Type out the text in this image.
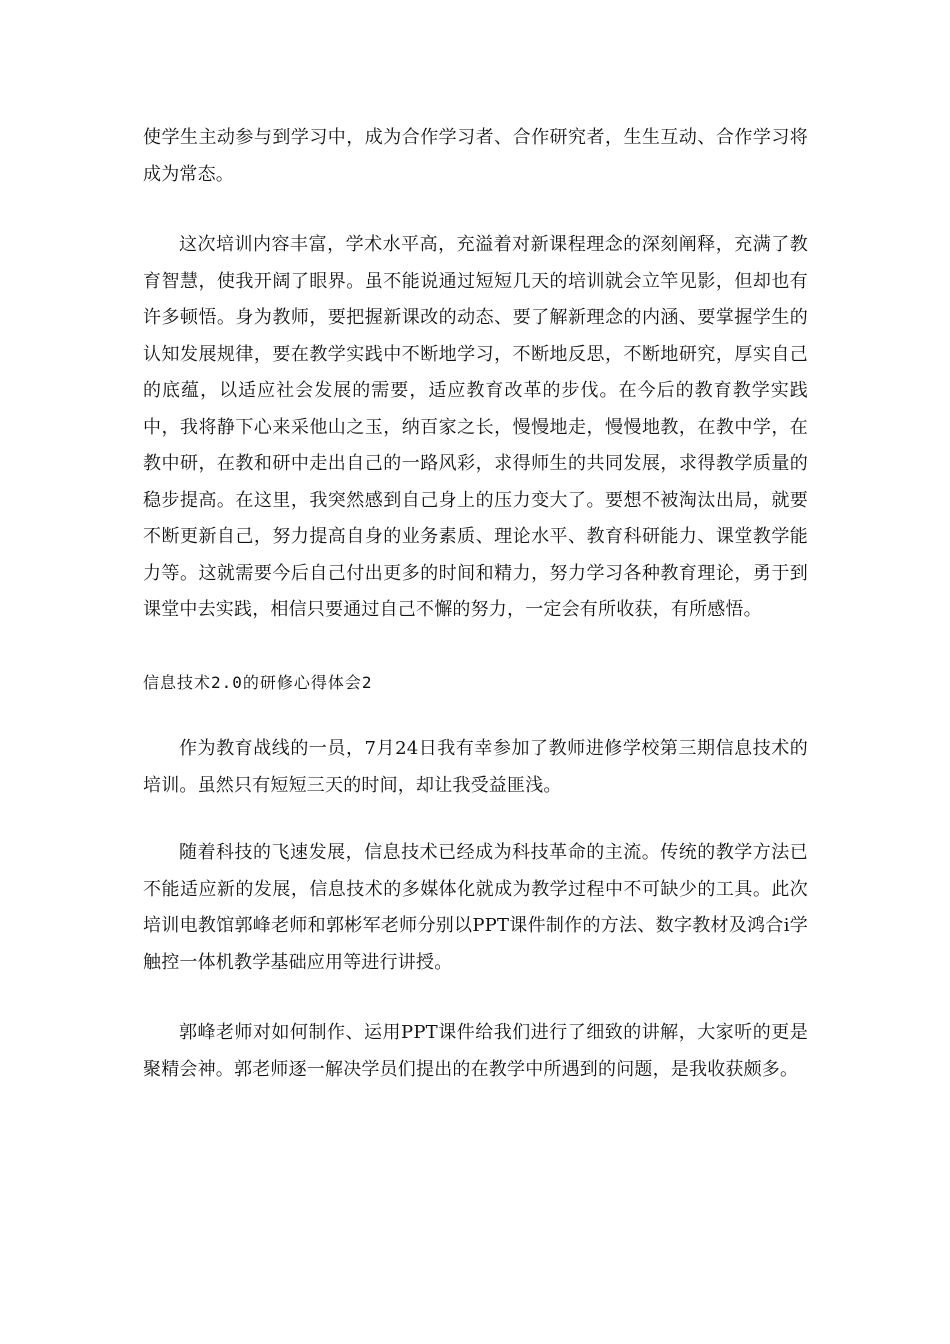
使学生主动参与到学习中，成为合作学习者、合作研究者，生生互动、合作学习将成为常态。

这次培训内容丰富，学术水平高，充溢着对新课程理念的深刻阐释，充满了教育智慧，使我开阔了眼界。虽不能说通过短短几天的培训就会立竿见影，但却也有许多顿悟。身为教师，要把握新课改的动态、要了解新理念的内涵、要掌握学生的认知发展规律，要在教学实践中不断地学习，不断地反思，不断地研究，厚实自己的底蕴，以适应社会发展的需要，适应教育改革的步伐。在今后的教育教学实践中，我将静下心来采他山之玉，纳百家之长，慢慢地走，慢慢地教，在教中学，在教中研，在教和研中走出自己的一路风彩，求得师生的共同发展，求得教学质量的稳步提高。在这里，我突然感到自己身上的压力变大了。要想不被淘汰出局，就要不断更新自己，努力提高自身的业务素质、理论水平、教育科研能力、课堂教学能力等。这就需要今后自己付出更多的时间和精力，努力学习各种教育理论，勇于到课堂中去实践，相信只要通过自己不懈的努力，一定会有所收获，有所感悟。

信息技术2.0的研修心得体会2

作为教育战线的一员，7月24日我有幸参加了教师进修学校第三期信息技术的培训。虽然只有短短三天的时间，却让我受益匪浅。

随着科技的飞速发展，信息技术已经成为科技革命的主流。传统的教学方法已不能适应新的发展，信息技术的多媒体化就成为教学过程中不可缺少的工具。此次培训电教馆郭峰老师和郭彬军老师分别以PPT课件制作的方法、数字教材及鸿合i学触控一体机教学基础应用等进行讲授。

郭峰老师对如何制作、运用PPT课件给我们进行了细致的讲解，大家听的更是聚精会神。郭老师逐一解决学员们提出的在教学中所遇到的问题，是我收获颇多。
